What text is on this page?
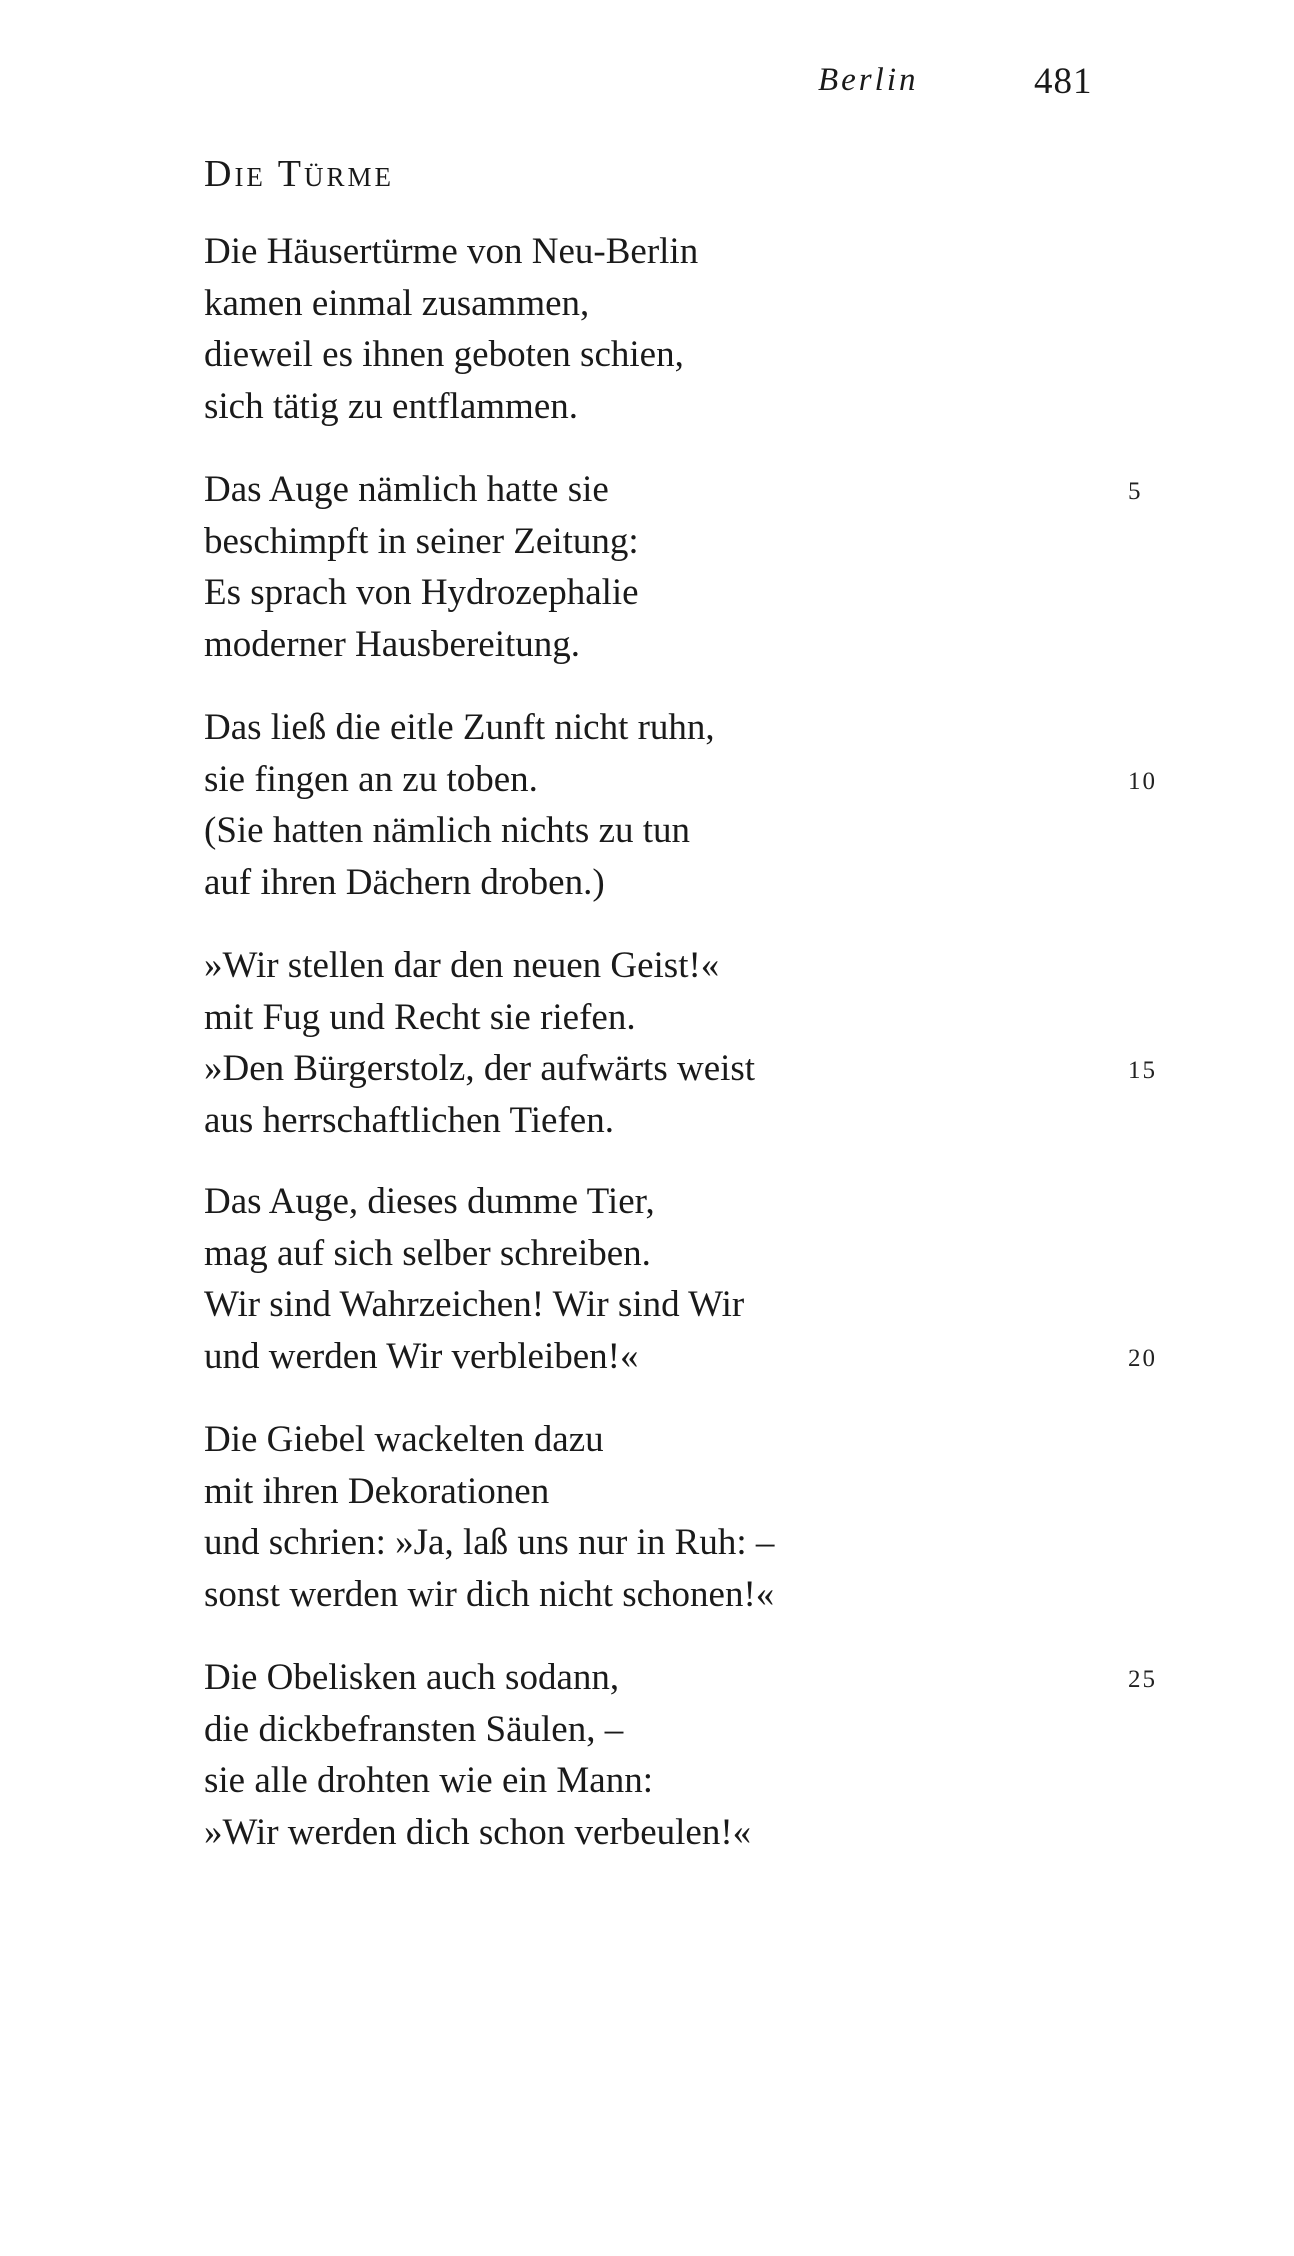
Berlin	481
Die Türme
Die Häusertürme von Neu-Berlin
kamen einmal zusammen,
dieweil es ihnen geboten schien,
sich tätig zu entflammen.
Das Auge nämlich hatte sie	5
beschimpft in seiner Zeitung:
Es sprach von Hydrozephalie
moderner Hausbereitung.
Das ließ die eitle Zunft nicht ruhn,
sie fingen an zu toben.	10
(Sie hatten nämlich nichts zu tun
auf ihren Dächern droben.)
»Wir stellen dar den neuen Geist!«
mit Fug und Recht sie riefen.
»Den Bürgerstolz, der aufwärts weist	15
aus herrschaftlichen Tiefen.
Das Auge, dieses dumme Tier,
mag auf sich selber schreiben.
Wir sind Wahrzeichen! Wir sind Wir
und werden Wir verbleiben!«	20
Die Giebel wackelten dazu
mit ihren Dekorationen
und schrien: »Ja, laß uns nur in Ruh: –
sonst werden wir dich nicht schonen!«
Die Obelisken auch sodann,	25
die dickbefransten Säulen, –
sie alle drohten wie ein Mann:
»Wir werden dich schon verbeulen!«
